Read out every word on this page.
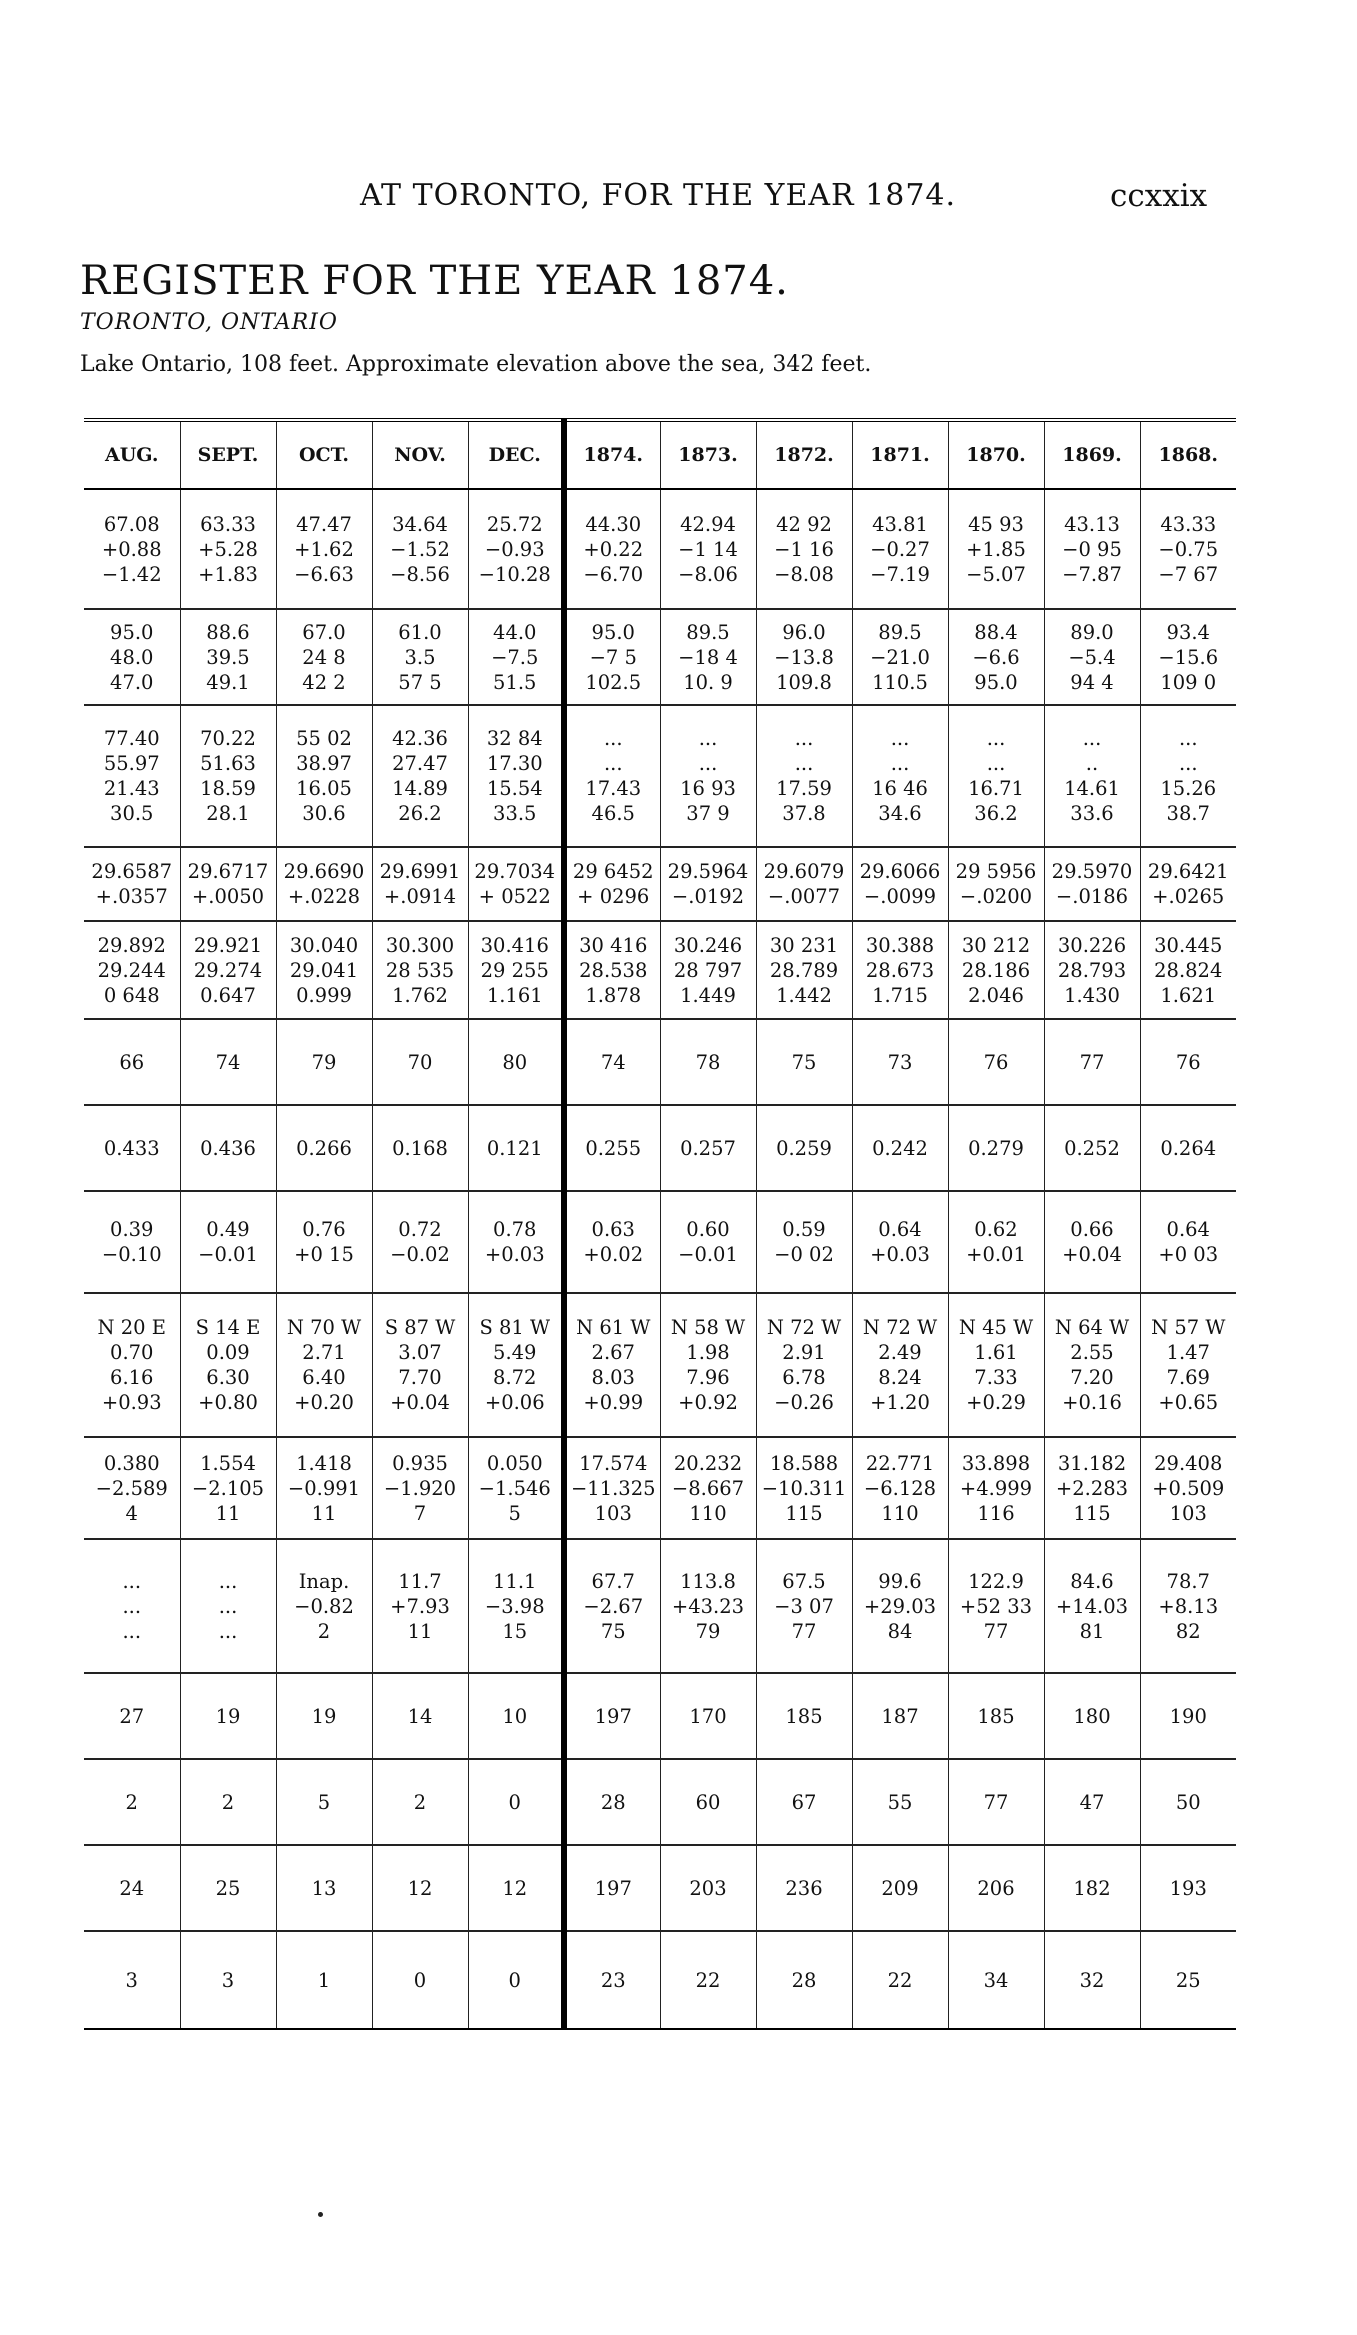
AT TORONTO, FOR THE YEAR 1874.	ccxxix
REGISTER FOR THE YEAR 1874.
TORONTO, ONTARIO
Lake Ontario, 108 feet. Approximate elevation above the sea, 342 feet.

AUG.	SEPT.	OCT.	NOV.	DEC.	1874.	1873.	1872.	1871.	1870.	1869.	1868.

67.08
+0.88
−1.42	63.33
+5.28
+1.83	47.47
+1.62
−6.63	34.64
−1.52
−8.56	25.72
−0.93
−10.28	44.30
+0.22
−6.70	42.94
−1 14
−8.06	42 92
−1 16
−8.08	43.81
−0.27
−7.19	45 93
+1.85
−5.07	43.13
−0 95
−7.87	43.33
−0.75
−7 67

95.0
48.0
47.0	88.6
39.5
49.1	67.0
24 8
42 2	61.0
3.5
57 5	44.0
−7.5
51.5	95.0
−7 5
102.5	89.5
−18 4
10. 9	96.0
−13.8
109.8	89.5
−21.0
110.5	88.4
−6.6
95.0	89.0
−5.4
94 4	93.4
−15.6
109 0

77.40
55.97
21.43
30.5	70.22
51.63
18.59
28.1	55 02
38.97
16.05
30.6	42.36
27.47
14.89
26.2	32 84
17.30
15.54
33.5	...
...
17.43
46.5	...
...
16 93
37 9	...
...
17.59
37.8	...
...
16 46
34.6	...
...
16.71
36.2	...
..
14.61
33.6	...
...
15.26
38.7

29.6587
+.0357	29.6717
+.0050	29.6690
+.0228	29.6991
+.0914	29.7034
+ 0522	29 6452
+ 0296	29.5964
−.0192	29.6079
−.0077	29.6066
−.0099	29 5956
−.0200	29.5970
−.0186	29.6421
+.0265

29.892
29.244
0 648	29.921
29.274
0.647	30.040
29.041
0.999	30.300
28 535
1.762	30.416
29 255
1.161	30 416
28.538
1.878	30.246
28 797
1.449	30 231
28.789
1.442	30.388
28.673
1.715	30 212
28.186
2.046	30.226
28.793
1.430	30.445
28.824
1.621

66	74	79	70	80	74	78	75	73	76	77	76

0.433	0.436	0.266	0.168	0.121	0.255	0.257	0.259	0.242	0.279	0.252	0.264

0.39
−0.10	0.49
−0.01	0.76
+0 15	0.72
−0.02	0.78
+0.03	0.63
+0.02	0.60
−0.01	0.59
−0 02	0.64
+0.03	0.62
+0.01	0.66
+0.04	0.64
+0 03

N 20 E
0.70
6.16
+0.93	S 14 E
0.09
6.30
+0.80	N 70 W
2.71
6.40
+0.20	S 87 W
3.07
7.70
+0.04	S 81 W
5.49
8.72
+0.06	N 61 W
2.67
8.03
+0.99	N 58 W
1.98
7.96
+0.92	N 72 W
2.91
6.78
−0.26	N 72 W
2.49
8.24
+1.20	N 45 W
1.61
7.33
+0.29	N 64 W
2.55
7.20
+0.16	N 57 W
1.47
7.69
+0.65

0.380
−2.589
4	1.554
−2.105
11	1.418
−0.991
11	0.935
−1.920
7	0.050
−1.546
5	17.574
−11.325
103	20.232
−8.667
110	18.588
−10.311
115	22.771
−6.128
110	33.898
+4.999
116	31.182
+2.283
115	29.408
+0.509
103

...
...
...	...
...
...	Inap.
−0.82
2	11.7
+7.93
11	11.1
−3.98
15	67.7
−2.67
75	113.8
+43.23
79	67.5
−3 07
77	99.6
+29.03
84	122.9
+52 33
77	84.6
+14.03
81	78.7
+8.13
82

27	19	19	14	10	197	170	185	187	185	180	190

2	2	5	2	0	28	60	67	55	77	47	50

24	25	13	12	12	197	203	236	209	206	182	193

3	3	1	0	0	23	22	28	22	34	32	25
